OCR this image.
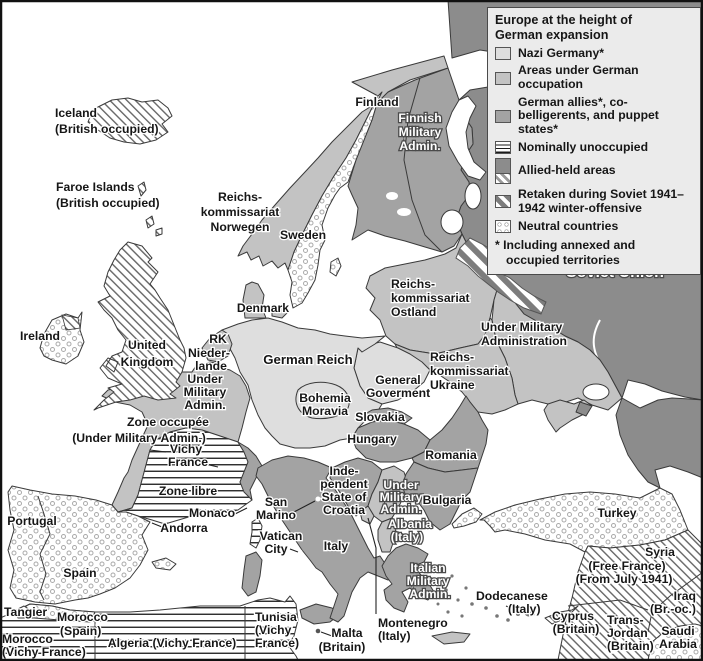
Iceland
(British occupied)
Faroe Islands
(British occupied)	Reichs-
kommissariat
Norwegen
Sweden
Finland
Finnish
Military
Admin.
Reichs-
kommissariat
Ostland
Under Military
Administration
Reichs-
kommissariat
Ukraine
German Reich
RK
Nieder-
lande
Under
Military
Admin.
Denmark
Ireland
United
Kingdom
Zone occupée
(Under Military Admin.)
Vichy
France
Zone libre
Monaco
Andorra
Portugal
Spain
Tangier Morocco
(Spain)
Morocco
(Vichy France)
Algeria (Vichy France)
Tunisia
(Vichy
France)
San
Marino
Vatican
City	Italy
Inde-
pendent
State of
Croatia
Under
Military
Admin.
Albania
(Italy)
Bohemia
Moravia
General
Goverment
Slovakia
Hungary
Romania
Bulgaria
Italian
Military
Admin.
Montenegro
(Italy)
Malta
(Britain)
Dodecanese
(Italy)
Turkey
Syria
(Free France)
(From July 1941)
Iraq
(Br.-oc.)
Cyprus
(Britain)
Trans-
Jordan
(Britain)
Saudi
Arabia
Europe at the height of
German expansion
Nazi Germany*
Areas under German occupation
German allies*, co-belligerents, and puppet states*
Nominally unoccupied
Allied-held areas
Retaken during Soviet 1941– 1942 winter-offensive
Neutral countries
* Including annexed and
occupied territories
